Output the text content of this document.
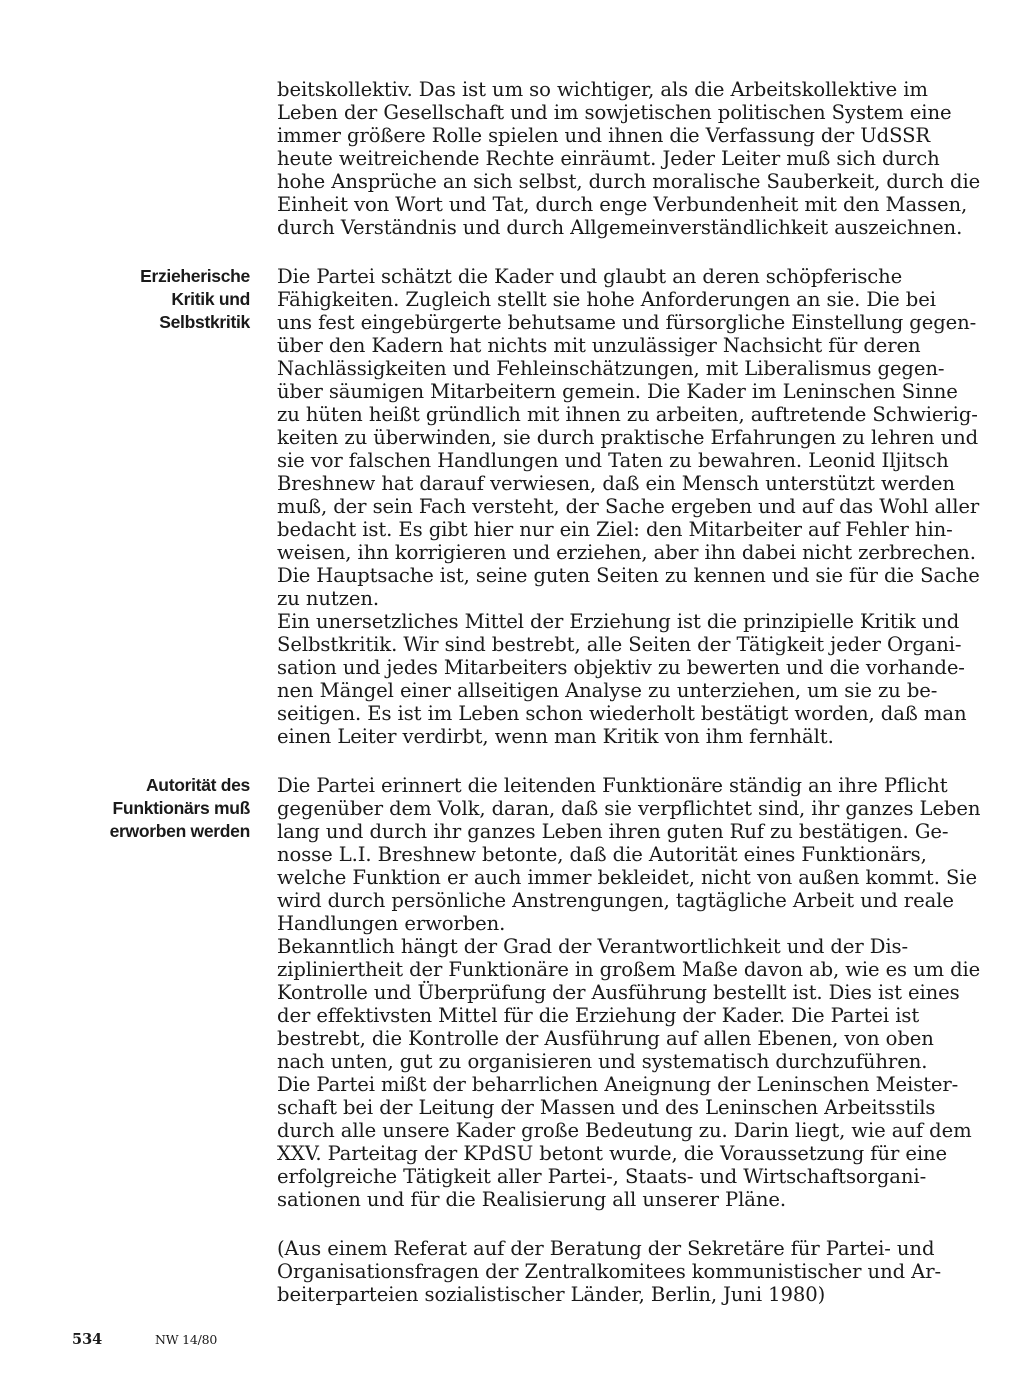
beitskollektiv. Das ist um so wichtiger, als die Arbeitskollektive im
Leben der Gesellschaft und im sowjetischen politischen System eine
immer größere Rolle spielen und ihnen die Verfassung der UdSSR
heute weitreichende Rechte einräumt. Jeder Leiter muß sich durch
hohe Ansprüche an sich selbst, durch moralische Sauberkeit, durch die
Einheit von Wort und Tat, durch enge Verbundenheit mit den Massen,
durch Verständnis und durch Allgemeinverständlichkeit auszeichnen.
Die Partei schätzt die Kader und glaubt an deren schöpferische
Fähigkeiten. Zugleich stellt sie hohe Anforderungen an sie. Die bei
uns fest eingebürgerte behutsame und fürsorgliche Einstellung gegen-
über den Kadern hat nichts mit unzulässiger Nachsicht für deren
Nachlässigkeiten und Fehleinschätzungen, mit Liberalismus gegen-
über säumigen Mitarbeitern gemein. Die Kader im Leninschen Sinne
zu hüten heißt gründlich mit ihnen zu arbeiten, auftretende Schwierig-
keiten zu überwinden, sie durch praktische Erfahrungen zu lehren und
sie vor falschen Handlungen und Taten zu bewahren. Leonid Iljitsch
Breshnew hat darauf verwiesen, daß ein Mensch unterstützt werden
muß, der sein Fach versteht, der Sache ergeben und auf das Wohl aller
bedacht ist. Es gibt hier nur ein Ziel: den Mitarbeiter auf Fehler hin-
weisen, ihn korrigieren und erziehen, aber ihn dabei nicht zerbrechen.
Die Hauptsache ist, seine guten Seiten zu kennen und sie für die Sache
zu nutzen.
Ein unersetzliches Mittel der Erziehung ist die prinzipielle Kritik und
Selbstkritik. Wir sind bestrebt, alle Seiten der Tätigkeit jeder Organi-
sation und jedes Mitarbeiters objektiv zu bewerten und die vorhande-
nen Mängel einer allseitigen Analyse zu unterziehen, um sie zu be-
seitigen. Es ist im Leben schon wiederholt bestätigt worden, daß man
einen Leiter verdirbt, wenn man Kritik von ihm fernhält.
Die Partei erinnert die leitenden Funktionäre ständig an ihre Pflicht
gegenüber dem Volk, daran, daß sie verpflichtet sind, ihr ganzes Leben
lang und durch ihr ganzes Leben ihren guten Ruf zu bestätigen. Ge-
nosse L.I. Breshnew betonte, daß die Autorität eines Funktionärs,
welche Funktion er auch immer bekleidet, nicht von außen kommt. Sie
wird durch persönliche Anstrengungen, tagtägliche Arbeit und reale
Handlungen erworben.
Bekanntlich hängt der Grad der Verantwortlichkeit und der Dis-
zipliniertheit der Funktionäre in großem Maße davon ab, wie es um die
Kontrolle und Überprüfung der Ausführung bestellt ist. Dies ist eines
der effektivsten Mittel für die Erziehung der Kader. Die Partei ist
bestrebt, die Kontrolle der Ausführung auf allen Ebenen, von oben
nach unten, gut zu organisieren und systematisch durchzuführen.
Die Partei mißt der beharrlichen Aneignung der Leninschen Meister-
schaft bei der Leitung der Massen und des Leninschen Arbeitsstils
durch alle unsere Kader große Bedeutung zu. Darin liegt, wie auf dem
XXV. Parteitag der KPdSU betont wurde, die Voraussetzung für eine
erfolgreiche Tätigkeit aller Partei-, Staats- und Wirtschaftsorgani-
sationen und für die Realisierung all unserer Pläne.
(Aus einem Referat auf der Beratung der Sekretäre für Partei- und
Organisationsfragen der Zentralkomitees kommunistischer und Ar-
beiterparteien sozialistischer Länder, Berlin, Juni 1980)
Erzieherische
Kritik und
Selbstkritik
Autorität des
Funktionärs muß
erworben werden
534	NW 14/80
